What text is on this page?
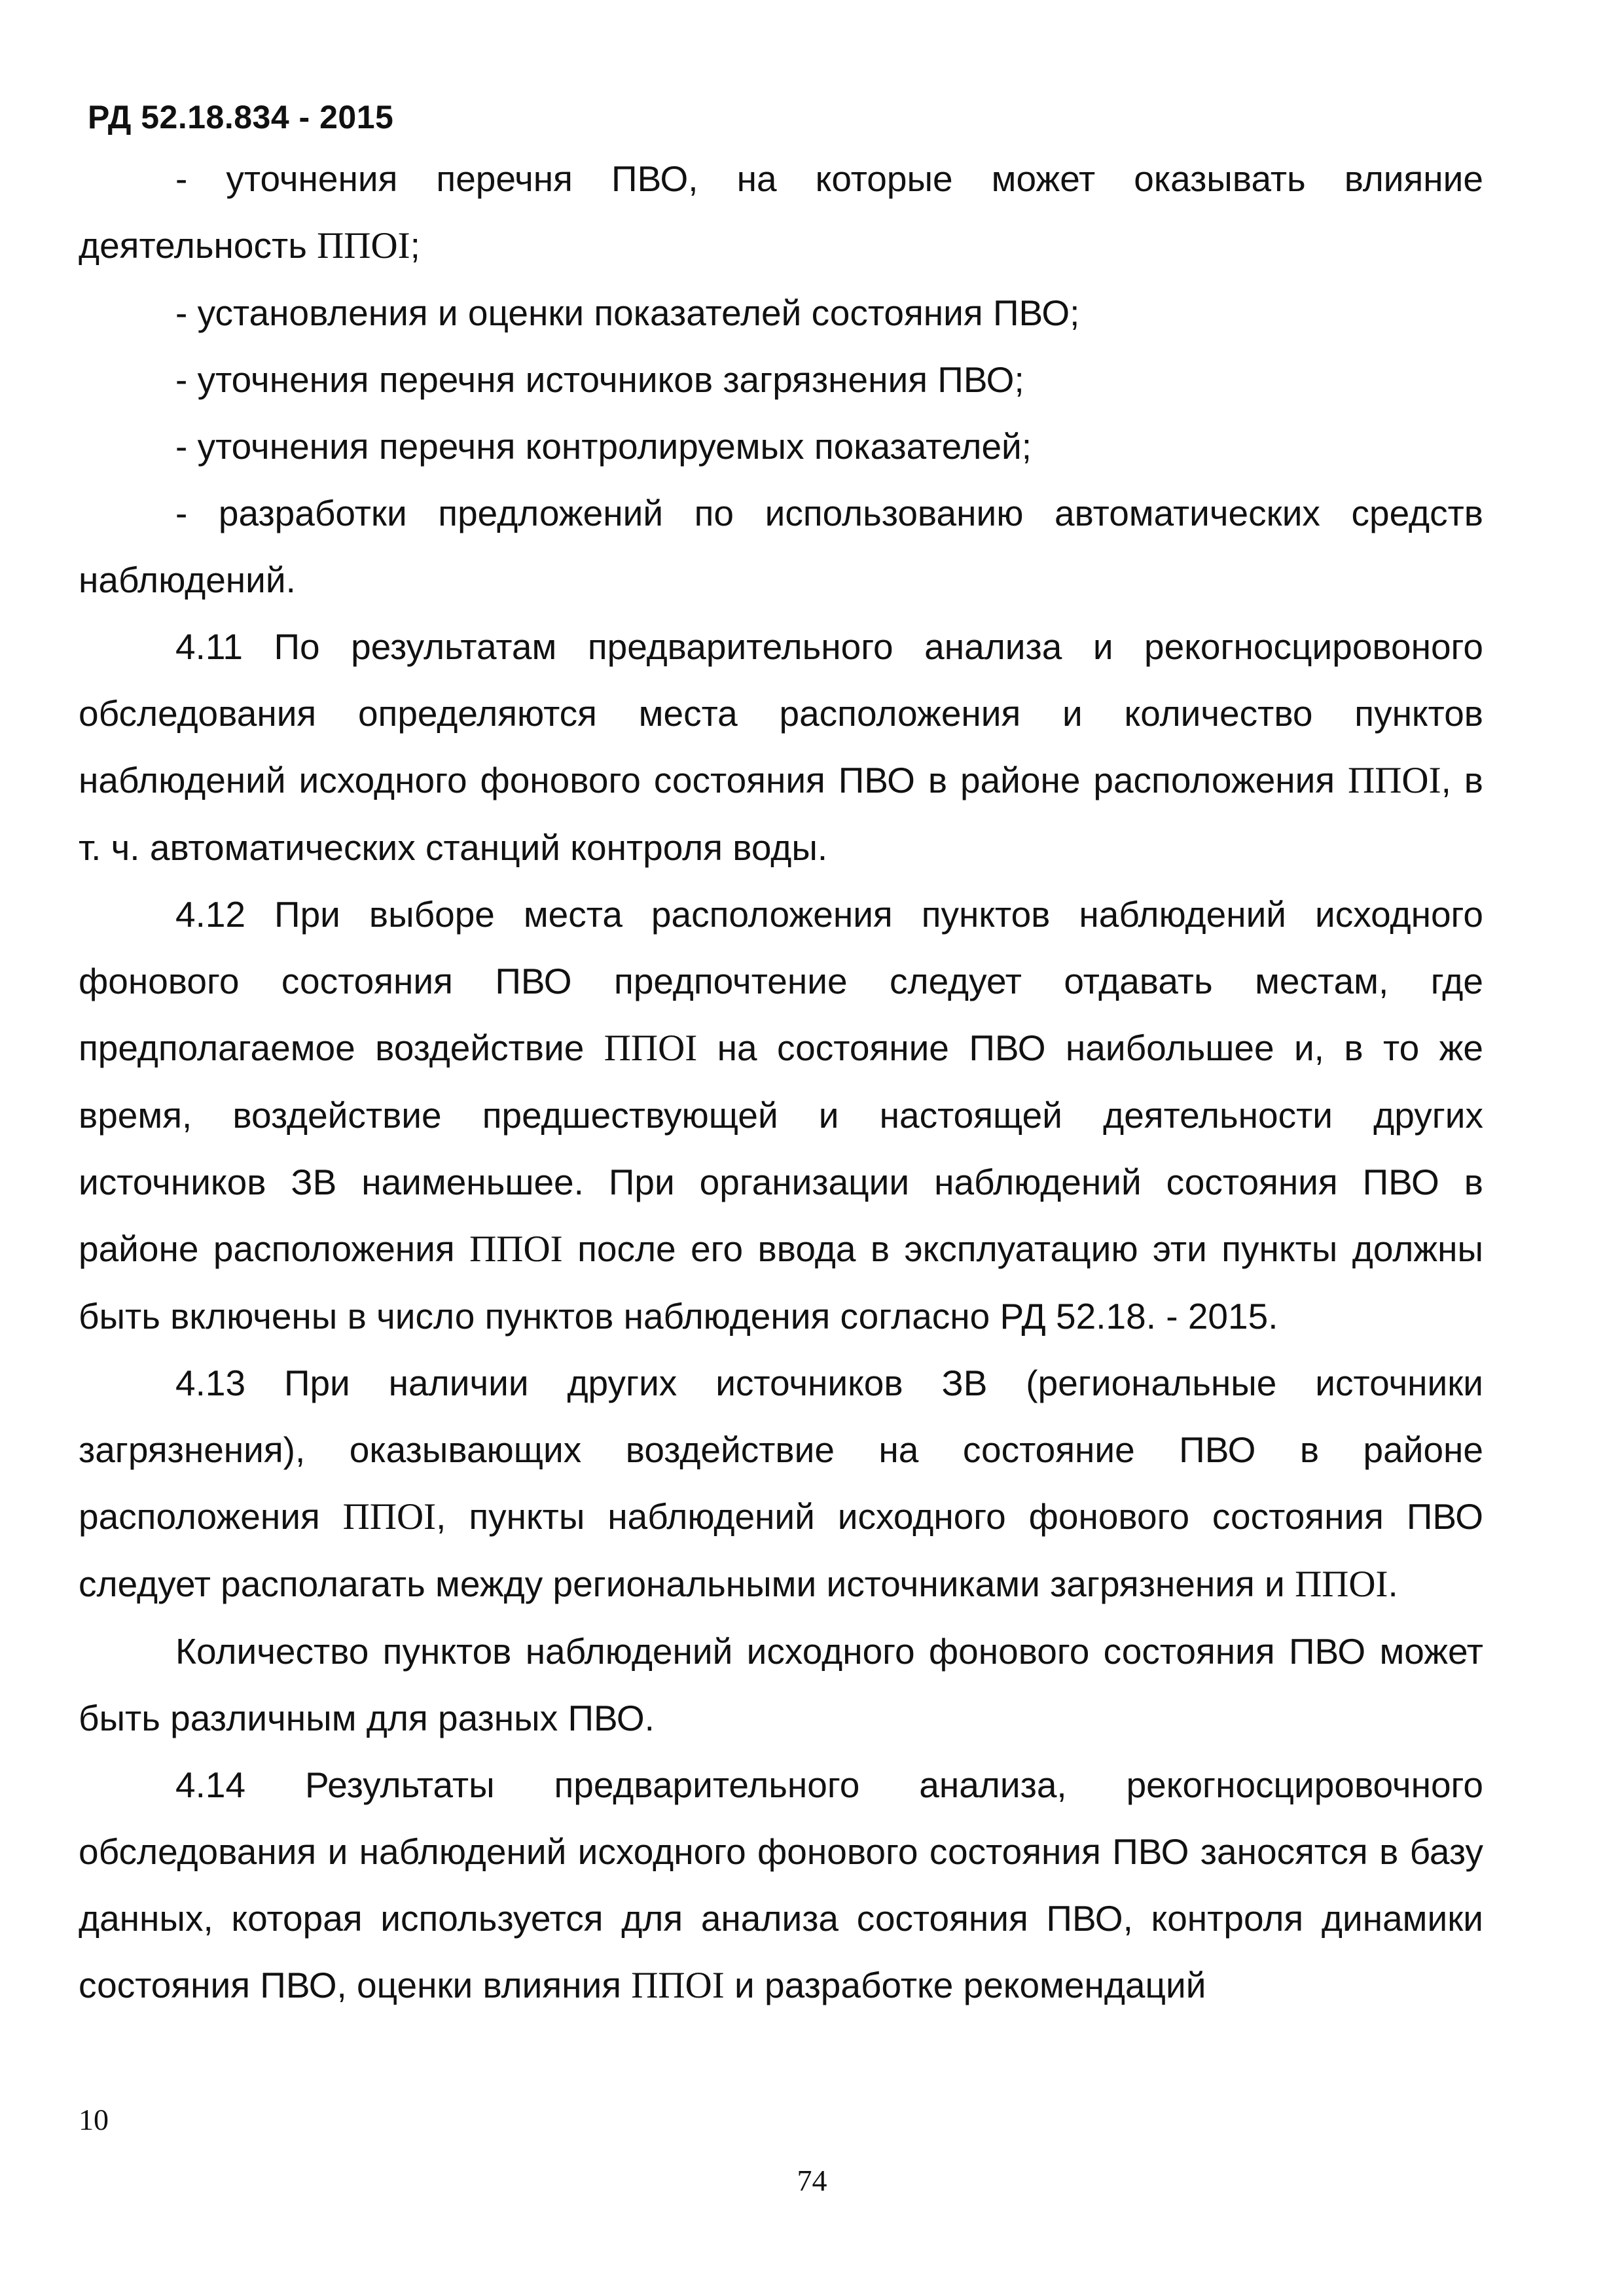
РД 52.18.834 - 2015

- уточнения перечня ПВО, на которые может оказывать влияние деятельность ППОI;

- установления и оценки показателей состояния ПВО;

- уточнения перечня источников загрязнения ПВО;

- уточнения перечня контролируемых показателей;

- разработки предложений по использованию автоматических средств наблюдений.

4.11 По результатам предварительного анализа и рекогносцировоного обследования определяются места расположения и количество пунктов наблюдений исходного фонового состояния ПВО в районе расположения ППОI, в т. ч. автоматических станций контроля воды.

4.12 При выборе места расположения пунктов наблюдений исходного фонового состояния ПВО предпочтение следует отдавать местам, где предполагаемое воздействие ППОI на состояние ПВО наибольшее и, в то же время, воздействие предшествующей и настоящей деятельности других источников ЗВ наименьшее. При организации наблюдений состояния ПВО в районе расположения ППОI после его ввода в эксплуатацию эти пункты должны быть включены в число пунктов наблюдения согласно РД 52.18. - 2015.

4.13 При наличии других источников ЗВ (региональные источники загрязнения), оказывающих воздействие на состояние ПВО в районе расположения ППОI, пункты наблюдений исходного фонового состояния ПВО следует располагать между региональными источниками загрязнения и ППОI.

Количество пунктов наблюдений исходного фонового состояния ПВО может быть различным для разных ПВО.

4.14 Результаты предварительного анализа, рекогносцировочного обследования и наблюдений исходного фонового состояния ПВО заносятся в базу данных, которая используется для анализа состояния ПВО, контроля динамики состояния ПВО, оценки влияния ППОI и разработке рекомендаций

10
74
